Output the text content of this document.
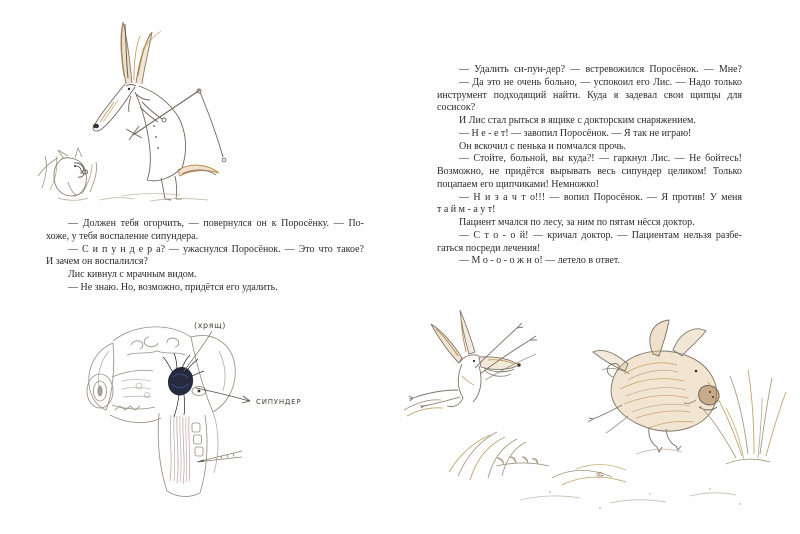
(хрящ)
СИПУНДЕР
— Должен тебя огорчить, — повернулся он к Поросёнку. — По-
хоже, у тебя воспаление сипундера.
— С и п у н д е р а? — ужаснулся Поросёнок. — Это что такое?
И зачем он воспалился?
Лис кивнул с мрачным видом.
— Не знаю. Но, возможно, придётся его удалить.
— Удалить си-пун-дер? — встревожился Поросёнок. — Мне?
— Да это не очень больно, — успокоил его Лис. — Надо только
инструмент подходящий найти. Куда я задевал свои щипцы для
сосисок?
И Лис стал рыться в ящике с докторским снаряжением.
— Н е - е т! — завопил Поросёнок. — Я так не играю!
Он вскочил с пенька и помчался прочь.
— Стойте, больной, вы куда?! — гаркнул Лис. — Не бойтесь!
Возможно, не придётся вырывать весь сипундер целиком! Только
поцапаем его щипчиками! Немножко!
— Н и з а ч т о!!! — вопил Поросёнок. — Я против! У меня
т а й м - а у т!
Пациент мчался по лесу, за ним по пятам нёсся доктор.
— С т о - о й! — кричал доктор. — Пациентам нельзя разбе-
гаться посреди лечения!
— М о - о - о ж н о! — летело в ответ.
